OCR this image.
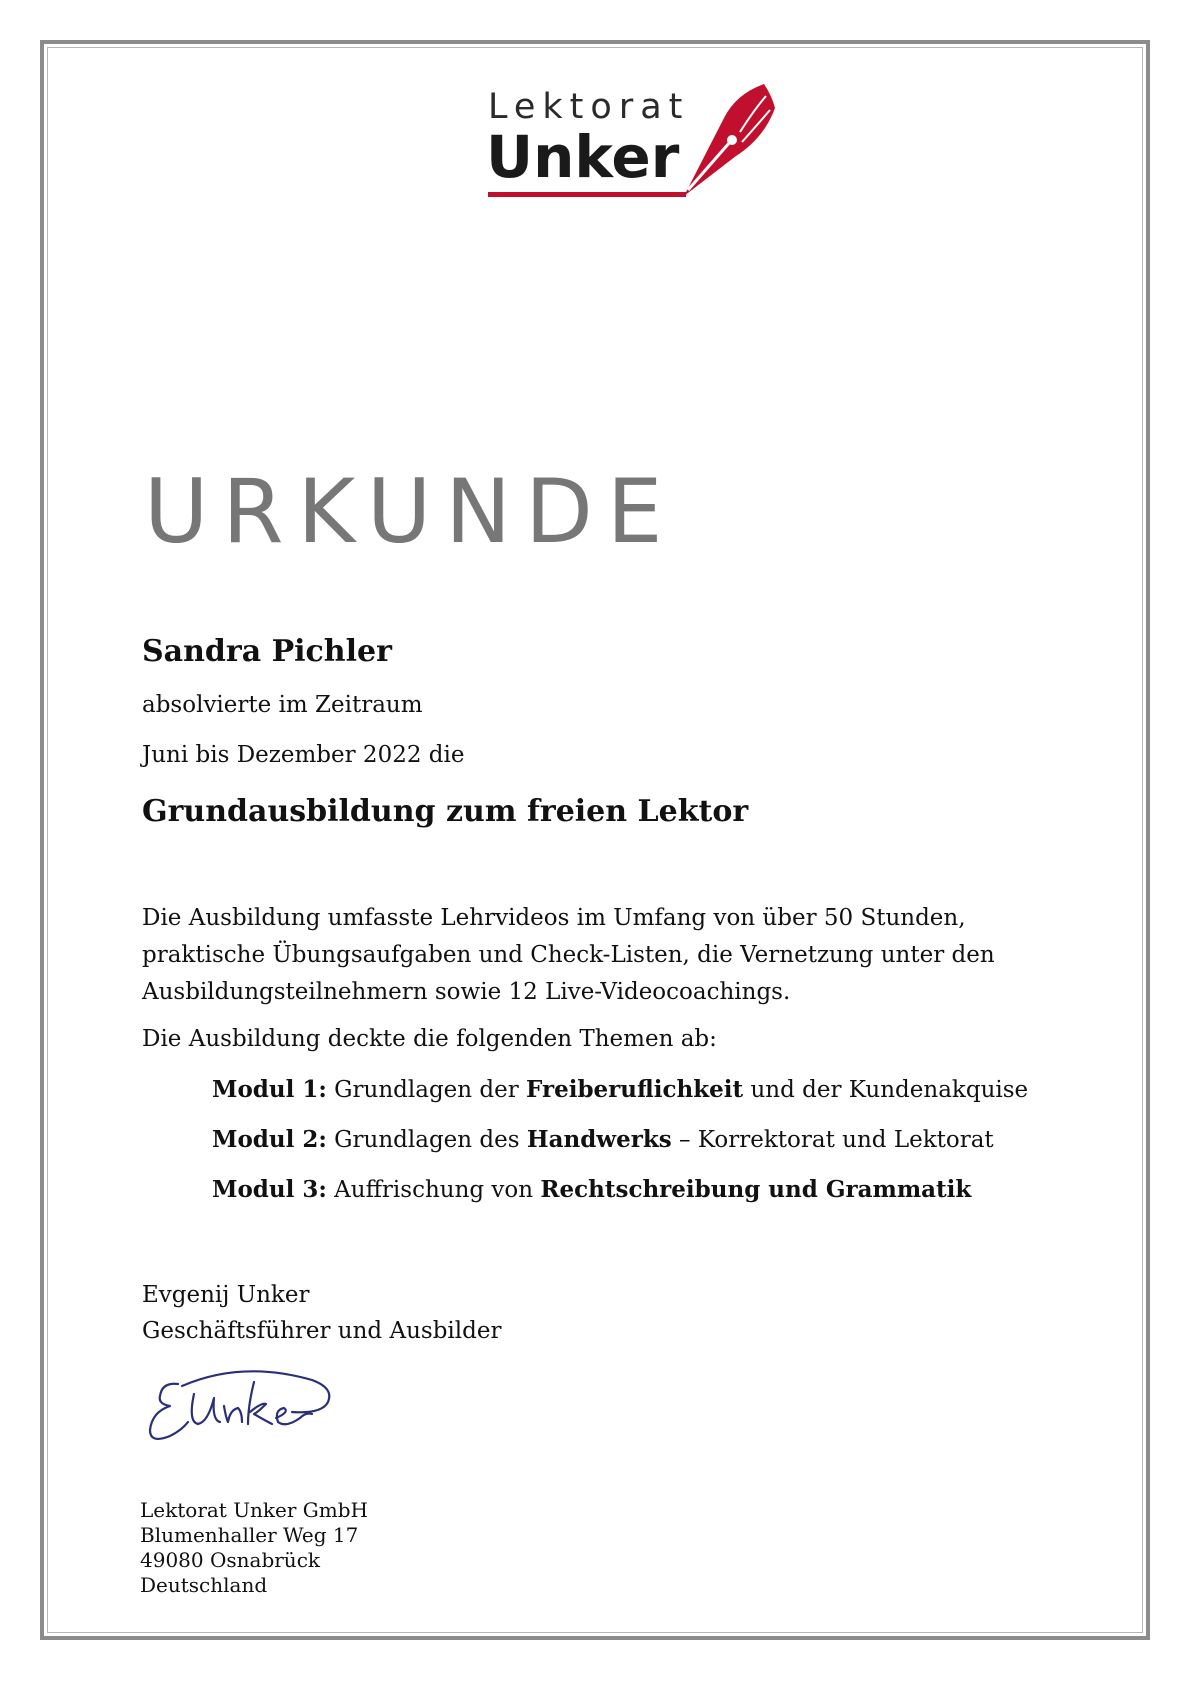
Lektorat
Unker
URKUNDE

Sandra Pichler

absolvierte im Zeitraum

Juni bis Dezember 2022 die

Grundausbildung zum freien Lektor

Die Ausbildung umfasste Lehrvideos im Umfang von über 50 Stunden, praktische Übungsaufgaben und Check-Listen, die Vernetzung unter den Ausbildungsteilnehmern sowie 12 Live-Videocoachings.

Die Ausbildung deckte die folgenden Themen ab:

Modul 1: Grundlagen der Freiberuflichkeit und der Kundenakquise

Modul 2: Grundlagen des Handwerks – Korrektorat und Lektorat

Modul 3: Auffrischung von Rechtschreibung und Grammatik

Evgenij Unker

Geschäftsführer und Ausbilder

Lektorat Unker GmbH

Blumenhaller Weg 17

49080 Osnabrück

Deutschland
